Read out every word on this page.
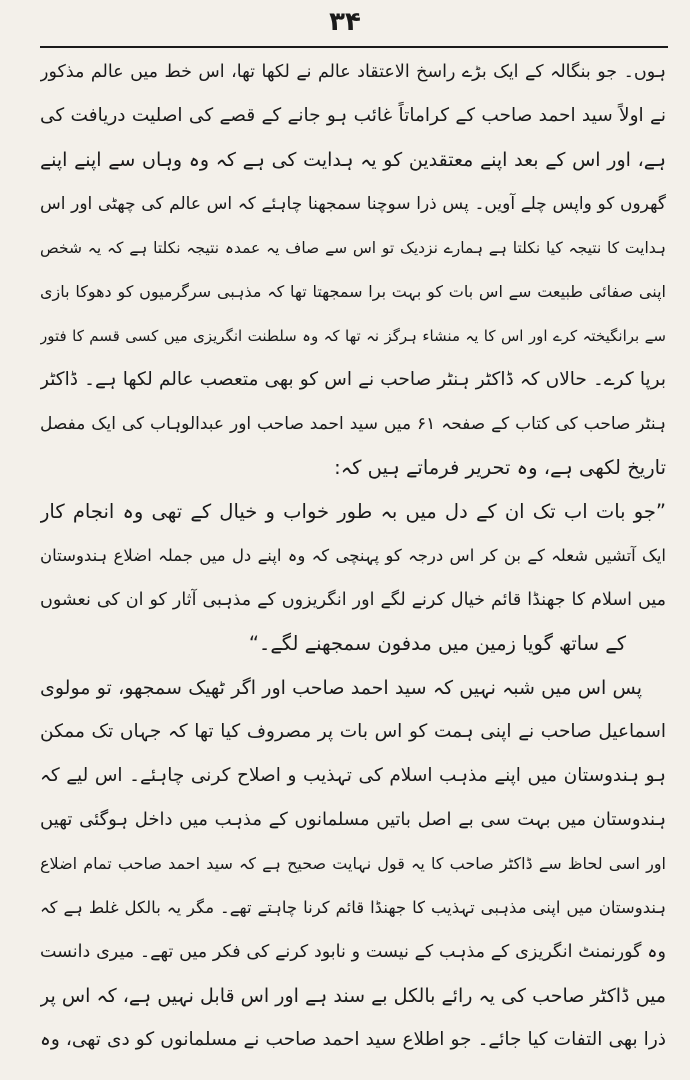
۳۴
ہوں۔ جو بنگالہ کے ایک بڑے راسخ الاعتقاد عالم نے لکھا تھا، اس خط میں عالم مذکور
نے اولاً سید احمد صاحب کے کراماتاً غائب ہو جانے کے قصے کی اصلیت دریافت کی
ہے، اور اس کے بعد اپنے معتقدین کو یہ ہدایت کی ہے کہ وہ وہاں سے اپنے اپنے
گھروں کو واپس چلے آویں۔ پس ذرا سوچنا سمجھنا چاہئے کہ اس عالم کی چھٹی اور اس
ہدایت کا نتیجہ کیا نکلتا ہے ہمارے نزدیک تو اس سے صاف یہ عمدہ نتیجہ نکلتا ہے کہ یہ شخص
اپنی صفائی طبیعت سے اس بات کو بہت برا سمجھتا تھا کہ مذہبی سرگرمیوں کو دھوکا بازی
سے برانگیختہ کرے اور اس کا یہ منشاء ہرگز نہ تھا کہ وہ سلطنت انگریزی میں کسی قسم کا فتور
برپا کرے۔ حالاں کہ ڈاکٹر ہنٹر صاحب نے اس کو بھی متعصب عالم لکھا ہے۔ ڈاکٹر
ہنٹر صاحب کی کتاب کے صفحہ ۶۱ میں سید احمد صاحب اور عبدالوہاب کی ایک مفصل
تاریخ لکھی ہے، وہ تحریر فرماتے ہیں کہ:
”جو بات اب تک ان کے دل میں بہ طور خواب و خیال کے تھی وہ انجام کار
ایک آتشیں شعلہ کے بن کر اس درجہ کو پہنچی کہ وہ اپنے دل میں جملہ اضلاع ہندوستان
میں اسلام کا جھنڈا قائم خیال کرنے لگے اور انگریزوں کے مذہبی آثار کو ان کی نعشوں
کے ساتھ گویا زمین میں مدفون سمجھنے لگے۔“
پس اس میں شبہ نہیں کہ سید احمد صاحب اور اگر ٹھیک سمجھو، تو مولوی
اسماعیل صاحب نے اپنی ہمت کو اس بات پر مصروف کیا تھا کہ جہاں تک ممکن
ہو ہندوستان میں اپنے مذہب اسلام کی تہذیب و اصلاح کرنی چاہئے۔ اس لیے کہ
ہندوستان میں بہت سی بے اصل باتیں مسلمانوں کے مذہب میں داخل ہوگئی تھیں
اور اسی لحاظ سے ڈاکٹر صاحب کا یہ قول نہایت صحیح ہے کہ سید احمد صاحب تمام اضلاع
ہندوستان میں اپنی مذہبی تہذیب کا جھنڈا قائم کرنا چاہتے تھے۔ مگر یہ بالکل غلط ہے کہ
وہ گورنمنٹ انگریزی کے مذہب کے نیست و نابود کرنے کی فکر میں تھے۔ میری دانست
میں ڈاکٹر صاحب کی یہ رائے بالکل بے سند ہے اور اس قابل نہیں ہے، کہ اس پر
ذرا بھی التفات کیا جائے۔ جو اطلاع سید احمد صاحب نے مسلمانوں کو دی تھی، وہ
